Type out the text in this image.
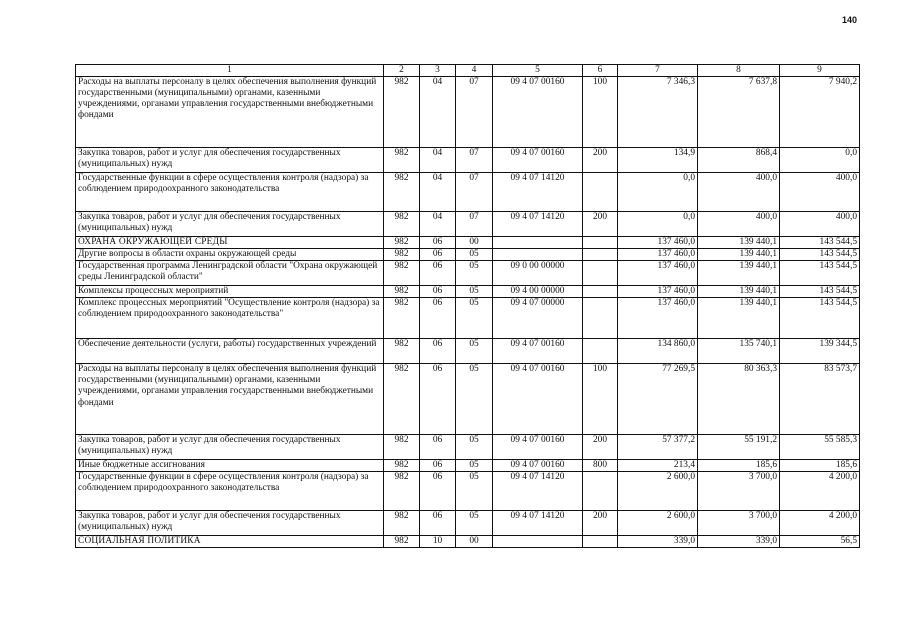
140
1	2	3	4	5	6	7	8	9
Расходы на выплаты персоналу в целях обеспечения выполнения функций государственными (муниципальными) органами, казенными учреждениями, органами управления государственными внебюджетными фондами	982	04	07	09 4 07 00160	100	7 346,3	7 637,8	7 940,2
Закупка товаров, работ и услуг для обеспечения государственных (муниципальных) нужд	982	04	07	09 4 07 00160	200	134,9	868,4	0,0
Государственные функции в сфере осуществления контроля (надзора) за соблюдением природоохранного законодательства	982	04	07	09 4 07 14120		0,0	400,0	400,0
Закупка товаров, работ и услуг для обеспечения государственных (муниципальных) нужд	982	04	07	09 4 07 14120	200	0,0	400,0	400,0
ОХРАНА ОКРУЖАЮЩЕЙ СРЕДЫ	982	06	00			137 460,0	139 440,1	143 544,5
Другие вопросы в области охраны окружающей среды	982	06	05			137 460,0	139 440,1	143 544,5
Государственная программа Ленинградской области "Охрана окружающей среды Ленинградской области"	982	06	05	09 0 00 00000		137 460,0	139 440,1	143 544,5
Комплексы процессных мероприятий	982	06	05	09 4 00 00000		137 460,0	139 440,1	143 544,5
Комплекс процессных мероприятий "Осуществление контроля (надзора) за соблюдением природоохранного законодательства"	982	06	05	09 4 07 00000		137 460,0	139 440,1	143 544,5
Обеспечение деятельности (услуги, работы) государственных учреждений	982	06	05	09 4 07 00160		134 860,0	135 740,1	139 344,5
Расходы на выплаты персоналу в целях обеспечения выполнения функций государственными (муниципальными) органами, казенными учреждениями, органами управления государственными внебюджетными фондами	982	06	05	09 4 07 00160	100	77 269,5	80 363,3	83 573,7
Закупка товаров, работ и услуг для обеспечения государственных (муниципальных) нужд	982	06	05	09 4 07 00160	200	57 377,2	55 191,2	55 585,3
Иные бюджетные ассигнования	982	06	05	09 4 07 00160	800	213,4	185,6	185,6
Государственные функции в сфере осуществления контроля (надзора) за соблюдением природоохранного законодательства	982	06	05	09 4 07 14120		2 600,0	3 700,0	4 200,0
Закупка товаров, работ и услуг для обеспечения государственных (муниципальных) нужд	982	06	05	09 4 07 14120	200	2 600,0	3 700,0	4 200,0
СОЦИАЛЬНАЯ ПОЛИТИКА	982	10	00			339,0	339,0	56,5
